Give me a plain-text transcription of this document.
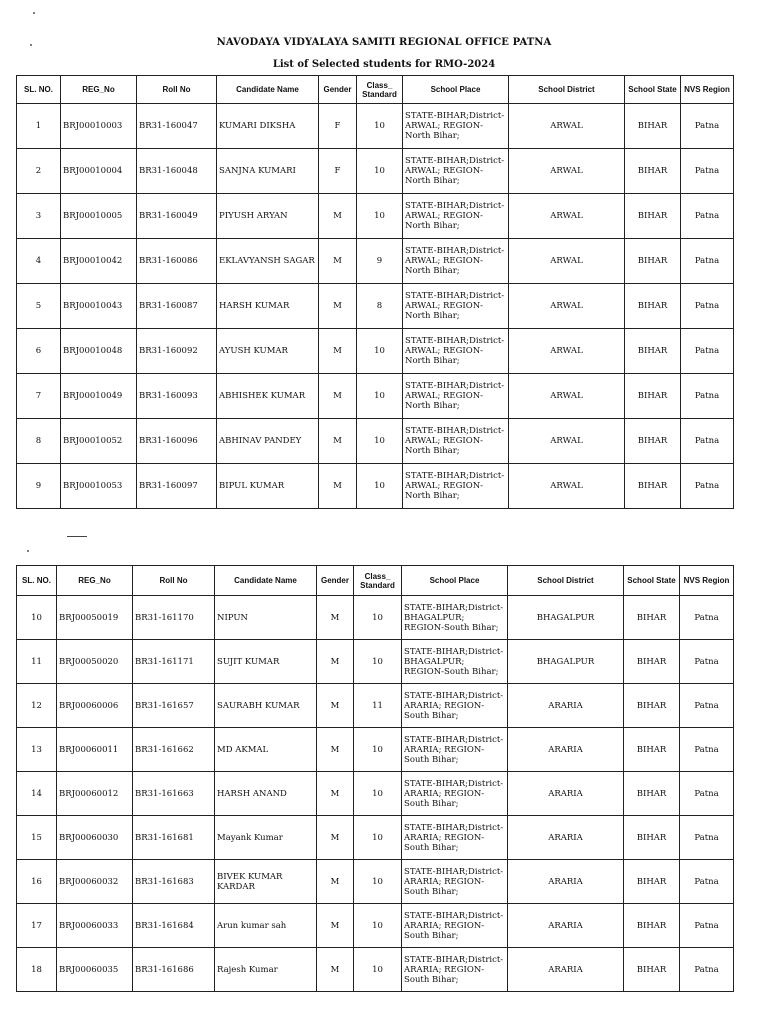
NAVODAYA VIDYALAYA SAMITI REGIONAL OFFICE PATNA
List of Selected students for RMO-2024
SL. NO.	REG_No	Roll No	Candidate Name	Gender	Class_ Standard	School Place	School District	School State	NVS Region
1	BRJ00010003	BR31-160047	KUMARI DIKSHA	F	10	STATE-BIHAR;District-ARWAL; REGION-North Bihar;	ARWAL	BIHAR	Patna
2	BRJ00010004	BR31-160048	SANJNA KUMARI	F	10	STATE-BIHAR;District-ARWAL; REGION-North Bihar;	ARWAL	BIHAR	Patna
3	BRJ00010005	BR31-160049	PIYUSH ARYAN	M	10	STATE-BIHAR;District-ARWAL; REGION-North Bihar;	ARWAL	BIHAR	Patna
4	BRJ00010042	BR31-160086	EKLAVYANSH SAGAR	M	9	STATE-BIHAR;District-ARWAL; REGION-North Bihar;	ARWAL	BIHAR	Patna
5	BRJ00010043	BR31-160087	HARSH KUMAR	M	8	STATE-BIHAR;District-ARWAL; REGION-North Bihar;	ARWAL	BIHAR	Patna
6	BRJ00010048	BR31-160092	AYUSH KUMAR	M	10	STATE-BIHAR;District-ARWAL; REGION-North Bihar;	ARWAL	BIHAR	Patna
7	BRJ00010049	BR31-160093	ABHISHEK KUMAR	M	10	STATE-BIHAR;District-ARWAL; REGION-North Bihar;	ARWAL	BIHAR	Patna
8	BRJ00010052	BR31-160096	ABHINAV PANDEY	M	10	STATE-BIHAR;District-ARWAL; REGION-North Bihar;	ARWAL	BIHAR	Patna
9	BRJ00010053	BR31-160097	BIPUL KUMAR	M	10	STATE-BIHAR;District-ARWAL; REGION-North Bihar;	ARWAL	BIHAR	Patna
SL. NO.	REG_No	Roll No	Candidate Name	Gender	Class_ Standard	School Place	School District	School State	NVS Region
10	BRJ00050019	BR31-161170	NIPUN	M	10	STATE-BIHAR;District-BHAGALPUR; REGION-South Bihar;	BHAGALPUR	BIHAR	Patna
11	BRJ00050020	BR31-161171	SUJIT KUMAR	M	10	STATE-BIHAR;District-BHAGALPUR; REGION-South Bihar;	BHAGALPUR	BIHAR	Patna
12	BRJ00060006	BR31-161657	SAURABH KUMAR	M	11	STATE-BIHAR;District-ARARIA; REGION-South Bihar;	ARARIA	BIHAR	Patna
13	BRJ00060011	BR31-161662	MD AKMAL	M	10	STATE-BIHAR;District-ARARIA; REGION-South Bihar;	ARARIA	BIHAR	Patna
14	BRJ00060012	BR31-161663	HARSH ANAND	M	10	STATE-BIHAR;District-ARARIA; REGION-South Bihar;	ARARIA	BIHAR	Patna
15	BRJ00060030	BR31-161681	Mayank Kumar	M	10	STATE-BIHAR;District-ARARIA; REGION-South Bihar;	ARARIA	BIHAR	Patna
16	BRJ00060032	BR31-161683	BIVEK KUMAR KARDAR	M	10	STATE-BIHAR;District-ARARIA; REGION-South Bihar;	ARARIA	BIHAR	Patna
17	BRJ00060033	BR31-161684	Arun kumar sah	M	10	STATE-BIHAR;District-ARARIA; REGION-South Bihar;	ARARIA	BIHAR	Patna
18	BRJ00060035	BR31-161686	Rajesh Kumar	M	10	STATE-BIHAR;District-ARARIA; REGION-South Bihar;	ARARIA	BIHAR	Patna
